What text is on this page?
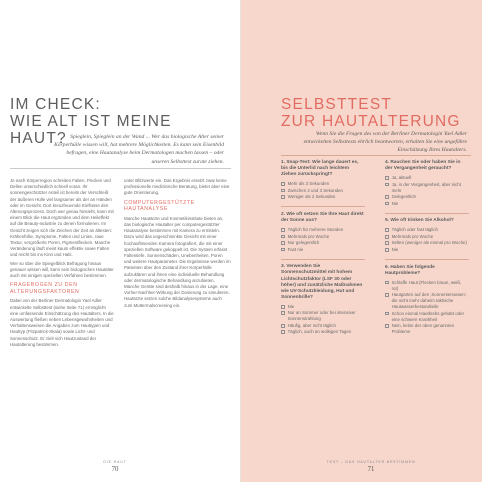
IM CHECK:
WIE ALT IST MEINE HAUT? Spieglein, Spieglein an der Wand ... Wer das biologische Alter seiner Körperhülle wissen will, hat mehrere Möglichkeiten. Es kann sein Eisenbild befragen, eine Hautanalyse beim Dermatologen machen lassen – oder unseren Selbsttest zurate ziehen.

Je nach Körperregion schreiten Falten, Flecken und Dellen unterschiedlich schnell voran. Ihr sonnengeschützter Anteil ist bereits der Verschleiß der äußeren Hülle viel langsamer als der an Händen oder im Gesicht. Dort kreuzfeuernde Einflüsse den Alterungsprozess. Doch wer genau hinsieht, kann mit einem Blick die Haut ergründen und dem Heileffekt auf die Beauty-Industrie zu denen formulieren. Im Gesicht zeigen sich die Zeichen der Zeit an ältesten: Krähenfüße, Symptome, Falten und Linien, raue Textur, vergrößerte Poren, Pigmentflecken. Manche Veränderung läuft meist kaum effektiv sowie Falten und reicht bis ins Kinn und Hals.

Wer so über die Spiegelblick Befragung hinaus genauer wissen will, kann sein biologisches Hautalter auch mit einigen speziellen Verfahren bestimmen.

FRAGEBOGEN ZU DEN
ALTERUNGSFAKTOREN

Dabei von der Berliner Dermatologin Yael Adler entwickelte Selbsttest (siehe Seite 71) ermöglicht eine umfassende Einschätzung des Hautalters. In die Auswertung fließen neben Lebensgewohnheiten und Verhaltensweisen die Angaben zum Hauttypen und Hauttyp (Fitzpatrick-Skala) sowie Licht- und Sonnenschutz. Er zielt sich Hautzustand der Hautalterung bestimmen.

unter Blitzwerte ein. Das Ergebnis ersetzt zwar keine professionelle medizinische Beratung, bietet aber eine gute Orientierung.

COMPUTERGESTÜTZTE
HAUTANALYSE

Manche Hautärzte und Kosmetikinstitute bieten an, das biologische Hautalter per computergestützter Hautanalyse bestimmen mit Kamera zu ermitteln. Dazu wird das ungeschminkte Gesicht mit einer hochauflösenden Kamera fotografiert, die mit einer speziellen Software gekoppelt ist. Die System erfasst Faltentiefe, Sonnenschäden, Unebenheiten, Poren und weitere Hautparameter. Die Ergebnisse werden im Patienten über den Zustand ihrer Körperhülle aufzuklären und ihnen eine individuelle Behandlung oder dermatologische Behandlung anzubieten. Manche Geräte sind deshalb hinaus in der Lage, eine Vorher-Nachher-Wirkung der Dosierung zu simulieren. Hautärzte setzen solche Bildanalysesysteme auch zum Muttermalscreening ein.

DIE HAUT
70
SELBSTTEST
ZUR HAUTALTERUNG
Wenn Sie die Fragen des von der Berliner Dermatologin Yael Adler entwickelten Selbsttests ehrlich beantworten, erhalten Sie eine ungefähre Einschätzung Ihres Hautalters.
1. Snap-Test: Wie lange dauert es, bis die Unterlid nach leichtem Ziehen zurückspringt?
Mehr als 3 Sekunden
Zwischen 2 und 3 Sekunden
Weniger als 2 Sekunden
2. Wie oft setzen Sie Ihre Haut direkt der Sonne aus?
Täglich für mehrere Stunden
Mehrmals pro Woche
Nur gelegentlich
Fast nie
3. Verwenden Sie Sonnenschutzmittel mit hohem Lichtschutzfaktor (LSF 30 oder höher) und zusätzliche Maßnahmen wie UV-Schutzkleidung, Hut und Sonnenbrille?
Nie
Nur an Sommer oder bei intensiver Sonnenstrahlung
Häufig, aber nicht täglich
Täglich, auch an wolkigen Tagen
4. Rauchen Sie oder haben Sie in der Vergangenheit geraucht?
Ja, aktuell
Ja, in der Vergangenheit, aber nicht mehr
Gelegentlich
Nie
5. Wie oft trinken Sie Alkohol?
Täglich oder fast täglich
Mehrmals pro Woche
Selten (weniger als einmal pro Woche)
Nie
6. Haben Sie folgende Hautprobleme?
Schlaffe Haut (Flecken braun, weiß, rot)
Hautgarten auf den ‚Sonnenterrassen', die nicht mehr daheim taktische Hautwasserbestandteile
Schon einmal Hautkrebs gehabt oder eine schwere Krankheit
Nein, keine der oben genannten Probleme
TEST – DAS HAUTALTER BESTIMMEN
71
